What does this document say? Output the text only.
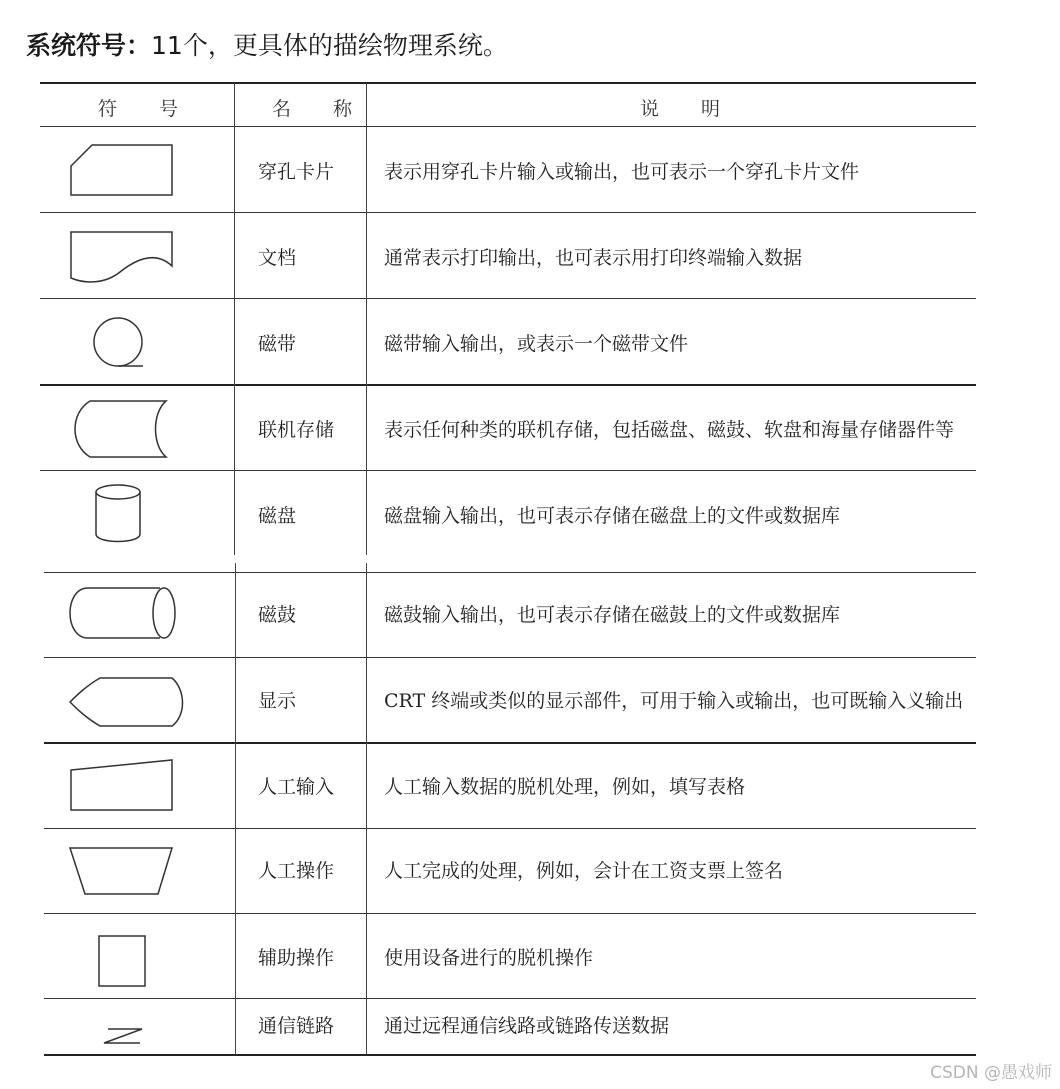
系统符号：11个，更具体的描绘物理系统。
符 号	名 称	说 明
穿孔卡片	表示用穿孔卡片输入或输出，也可表示一个穿孔卡片文件
文档	通常表示打印输出，也可表示用打印终端输入数据
磁带	磁带输入输出，或表示一个磁带文件
联机存储	表示任何种类的联机存储，包括磁盘、磁鼓、软盘和海量存储器件等
磁盘	磁盘输入输出，也可表示存储在磁盘上的文件或数据库
磁鼓	磁鼓输入输出，也可表示存储在磁鼓上的文件或数据库
显示	CRT 终端或类似的显示部件，可用于输入或输出，也可既输入义输出
人工输入	人工输入数据的脱机处理，例如，填写表格
人工操作	人工完成的处理，例如，会计在工资支票上签名
辅助操作	使用设备进行的脱机操作
通信链路	通过远程通信线路或链路传送数据
CSDN @愚戏师
